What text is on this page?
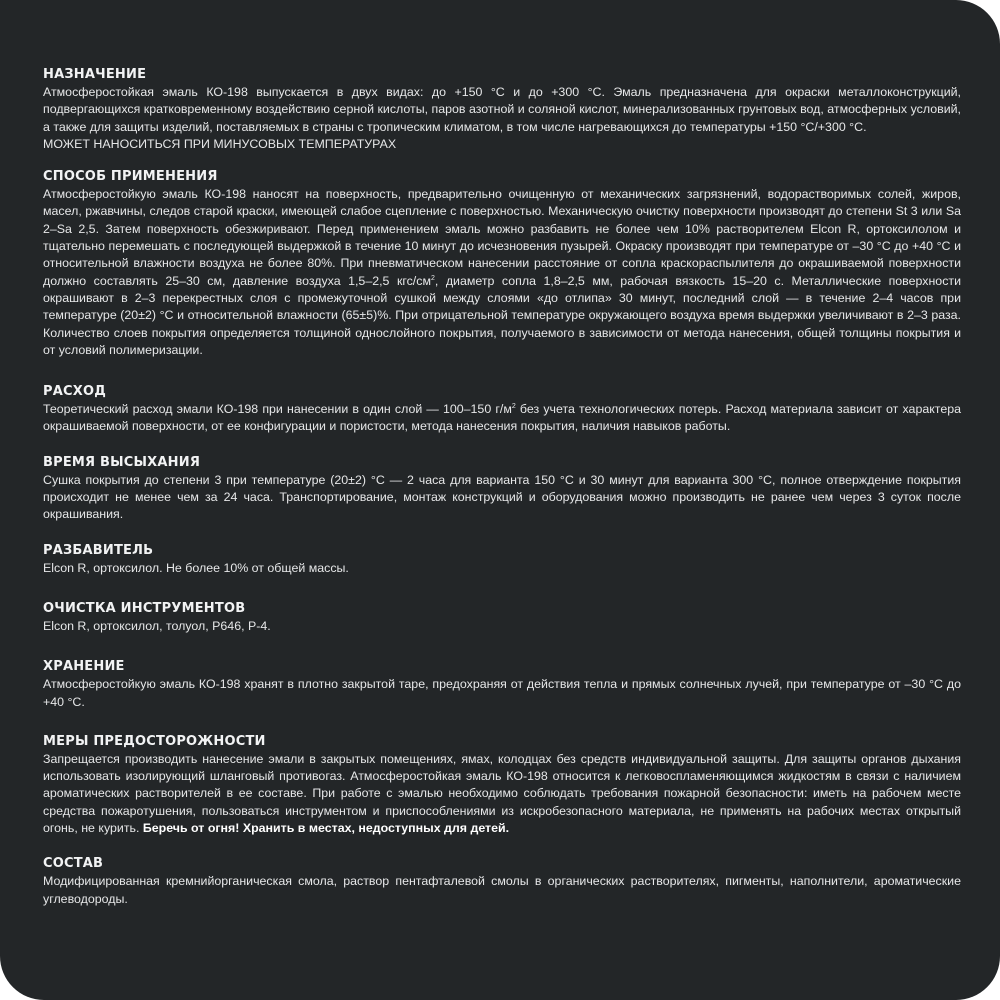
НАЗНАЧЕНИЕ

Атмосферостойкая эмаль КО-198 выпускается в двух видах: до +150 °С и до +300 °С. Эмаль предназначена для окраски металлоконструкций, подвергающихся кратковременному воздействию серной кислоты, паров азотной и соляной кислот, минерализованных грунтовых вод, атмосферных условий, а также для защиты изделий, поставляемых в страны с тропическим климатом, в том числе нагревающихся до температуры +150 °С/+300 °С.

МОЖЕТ НАНОСИТЬСЯ ПРИ МИНУСОВЫХ ТЕМПЕРАТУРАХ

СПОСОБ ПРИМЕНЕНИЯ

Атмосферостойкую эмаль КО-198 наносят на поверхность, предварительно очищенную от механических загрязнений, водорастворимых солей, жиров, масел, ржавчины, следов старой краски, имеющей слабое сцепление с поверхностью. Механическую очистку поверхности производят до степени St 3 или Sa 2–Sa 2,5. Затем поверхность обезжиривают. Перед применением эмаль можно разбавить не более чем 10% растворителем Elcon R, ортоксилолом и тщательно перемешать с последующей выдержкой в течение 10 минут до исчезновения пузырей. Окраску производят при температуре от –30 °С до +40 °С и относительной влажности воздуха не более 80%. При пневматическом нанесении расстояние от сопла краскораспылителя до окрашиваемой поверхности должно составлять 25–30 см, давление воздуха 1,5–2,5 кгс/$см^2$, диаметр сопла 1,8–2,5 мм, рабочая вязкость 15–20 с. Металлические поверхности окрашивают в 2–3 перекрестных слоя с промежуточной сушкой между слоями «до отлипа» 30 минут, последний слой — в течение 2–4 часов при температуре (20±2) °С и относительной влажности (65±5)%. При отрицательной температуре окружающего воздуха время выдержки увеличивают в 2–3 раза. Количество слоев покрытия определяется толщиной однослойного покрытия, получаемого в зависимости от метода нанесения, общей толщины покрытия и от условий полимеризации.

РАСХОД

Теоретический расход эмали КО-198 при нанесении в один слой — 100–150 $г/м^2$ без учета технологических потерь. Расход материала зависит от характера окрашиваемой поверхности, от ее конфигурации и пористости, метода нанесения покрытия, наличия навыков работы.

ВРЕМЯ ВЫСЫХАНИЯ

Сушка покрытия до степени 3 при температуре (20±2) °С — 2 часа для варианта 150 °С и 30 минут для варианта 300 °С, полное отверждение покрытия происходит не менее чем за 24 часа. Транспортирование, монтаж конструкций и оборудования можно производить не ранее чем через 3 суток после окрашивания.

РАЗБАВИТЕЛЬ

Elcon R, ортоксилол. Не более 10% от общей массы.

ОЧИСТКА ИНСТРУМЕНТОВ

Elcon R, ортоксилол, толуол, Р646, Р-4.

ХРАНЕНИЕ

Атмосферостойкую эмаль КО-198 хранят в плотно закрытой таре, предохраняя от действия тепла и прямых солнечных лучей, при температуре от –30 °С до +40 °С.

МЕРЫ ПРЕДОСТОРОЖНОСТИ

Запрещается производить нанесение эмали в закрытых помещениях, ямах, колодцах без средств индивидуальной защиты. Для защиты органов дыхания использовать изолирующий шланговый противогаз. Атмосферостойкая эмаль КО-198 относится к легковоспламеняющимся жидкостям в связи с наличием ароматических растворителей в ее составе. При работе с эмалью необходимо соблюдать требования пожарной безопасности: иметь на рабочем месте средства пожаротушения, пользоваться инструментом и приспособлениями из искробезопасного материала, не применять на рабочих местах открытый огонь, не курить. Беречь от огня! Хранить в местах, недоступных для детей.

СОСТАВ

Модифицированная кремнийорганическая смола, раствор пентафталевой смолы в органических растворителях, пигменты, наполнители, ароматические углеводороды.
